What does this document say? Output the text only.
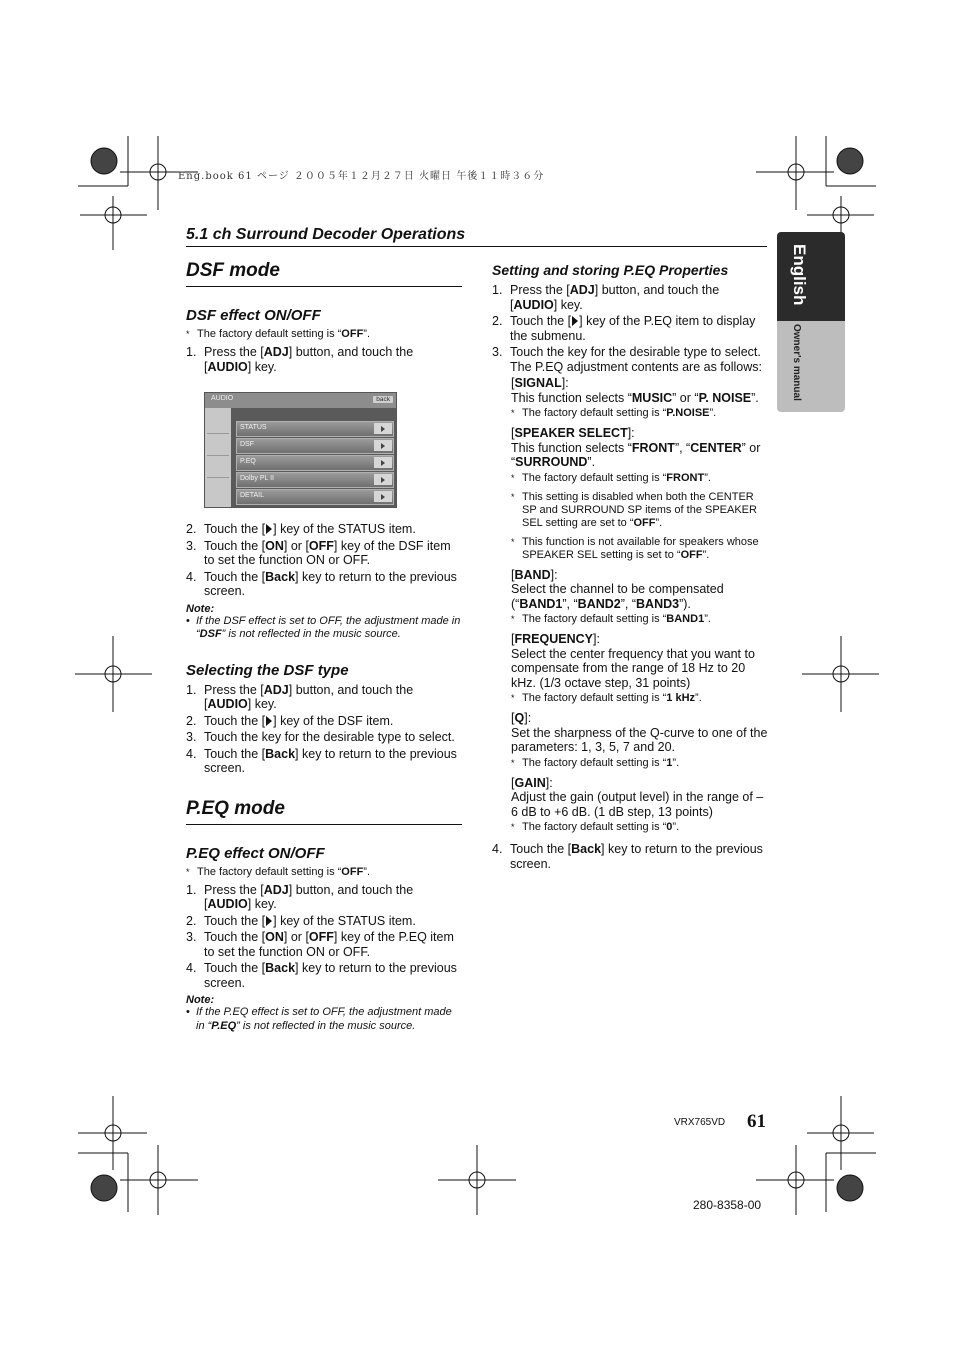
Eng.book 61 ページ ２００５年１２月２７日 火曜日 午後１１時３６分
5.1 ch Surround Decoder Operations
English
Owner's manual
DSF mode
DSF effect ON/OFF
* The factory default setting is “OFF”.
1. Press the [ADJ] button, and touch the [AUDIO] key.
AUDIO	back
STATUS
DSF
P.EQ
Dolby PL II
DETAIL
2. Touch the [ ] key of the STATUS item.
3. Touch the [ON] or [OFF] key of the DSF item to set the function ON or OFF.
4. Touch the [Back] key to return to the previous screen.
Note:
• If the DSF effect is set to OFF, the adjustment made in “DSF” is not reflected in the music source.
Selecting the DSF type
1. Press the [ADJ] button, and touch the [AUDIO] key.
2. Touch the [ ] key of the DSF item.
3. Touch the key for the desirable type to select.
4. Touch the [Back] key to return to the previous screen.
P.EQ mode
P.EQ effect ON/OFF
* The factory default setting is “OFF”.
1. Press the [ADJ] button, and touch the [AUDIO] key.
2. Touch the [ ] key of the STATUS item.
3. Touch the [ON] or [OFF] key of the P.EQ item to set the function ON or OFF.
4. Touch the [Back] key to return to the previous screen.
Note:
• If the P.EQ effect is set to OFF, the adjustment made in “P.EQ” is not reflected in the music source.
Setting and storing P.EQ Properties
1. Press the [ADJ] button, and touch the [AUDIO] key.
2. Touch the [ ] key of the P.EQ item to display the submenu.
3. Touch the key for the desirable type to select. The P.EQ adjustment contents are as follows:
[SIGNAL]:
This function selects “MUSIC” or “P. NOISE”.
* The factory default setting is “P.NOISE”.
[SPEAKER SELECT]:
This function selects “FRONT”, “CENTER” or “SURROUND”.
* The factory default setting is “FRONT”.
* This setting is disabled when both the CENTER SP and SURROUND SP items of the SPEAKER SEL setting are set to “OFF”.
* This function is not available for speakers whose SPEAKER SEL setting is set to “OFF”.
[BAND]:
Select the channel to be compensated (“BAND1”, “BAND2”, “BAND3”).
* The factory default setting is “BAND1”.
[FREQUENCY]:
Select the center frequency that you want to compensate from the range of 18 Hz to 20 kHz. (1/3 octave step, 31 points)
* The factory default setting is “1 kHz”.
[Q]:
Set the sharpness of the Q-curve to one of the parameters: 1, 3, 5, 7 and 20.
* The factory default setting is “1”.
[GAIN]:
Adjust the gain (output level) in the range of –6 dB to +6 dB. (1 dB step, 13 points)
* The factory default setting is “0”.
4. Touch the [Back] key to return to the previous screen.
VRX765VD 61
280-8358-00
